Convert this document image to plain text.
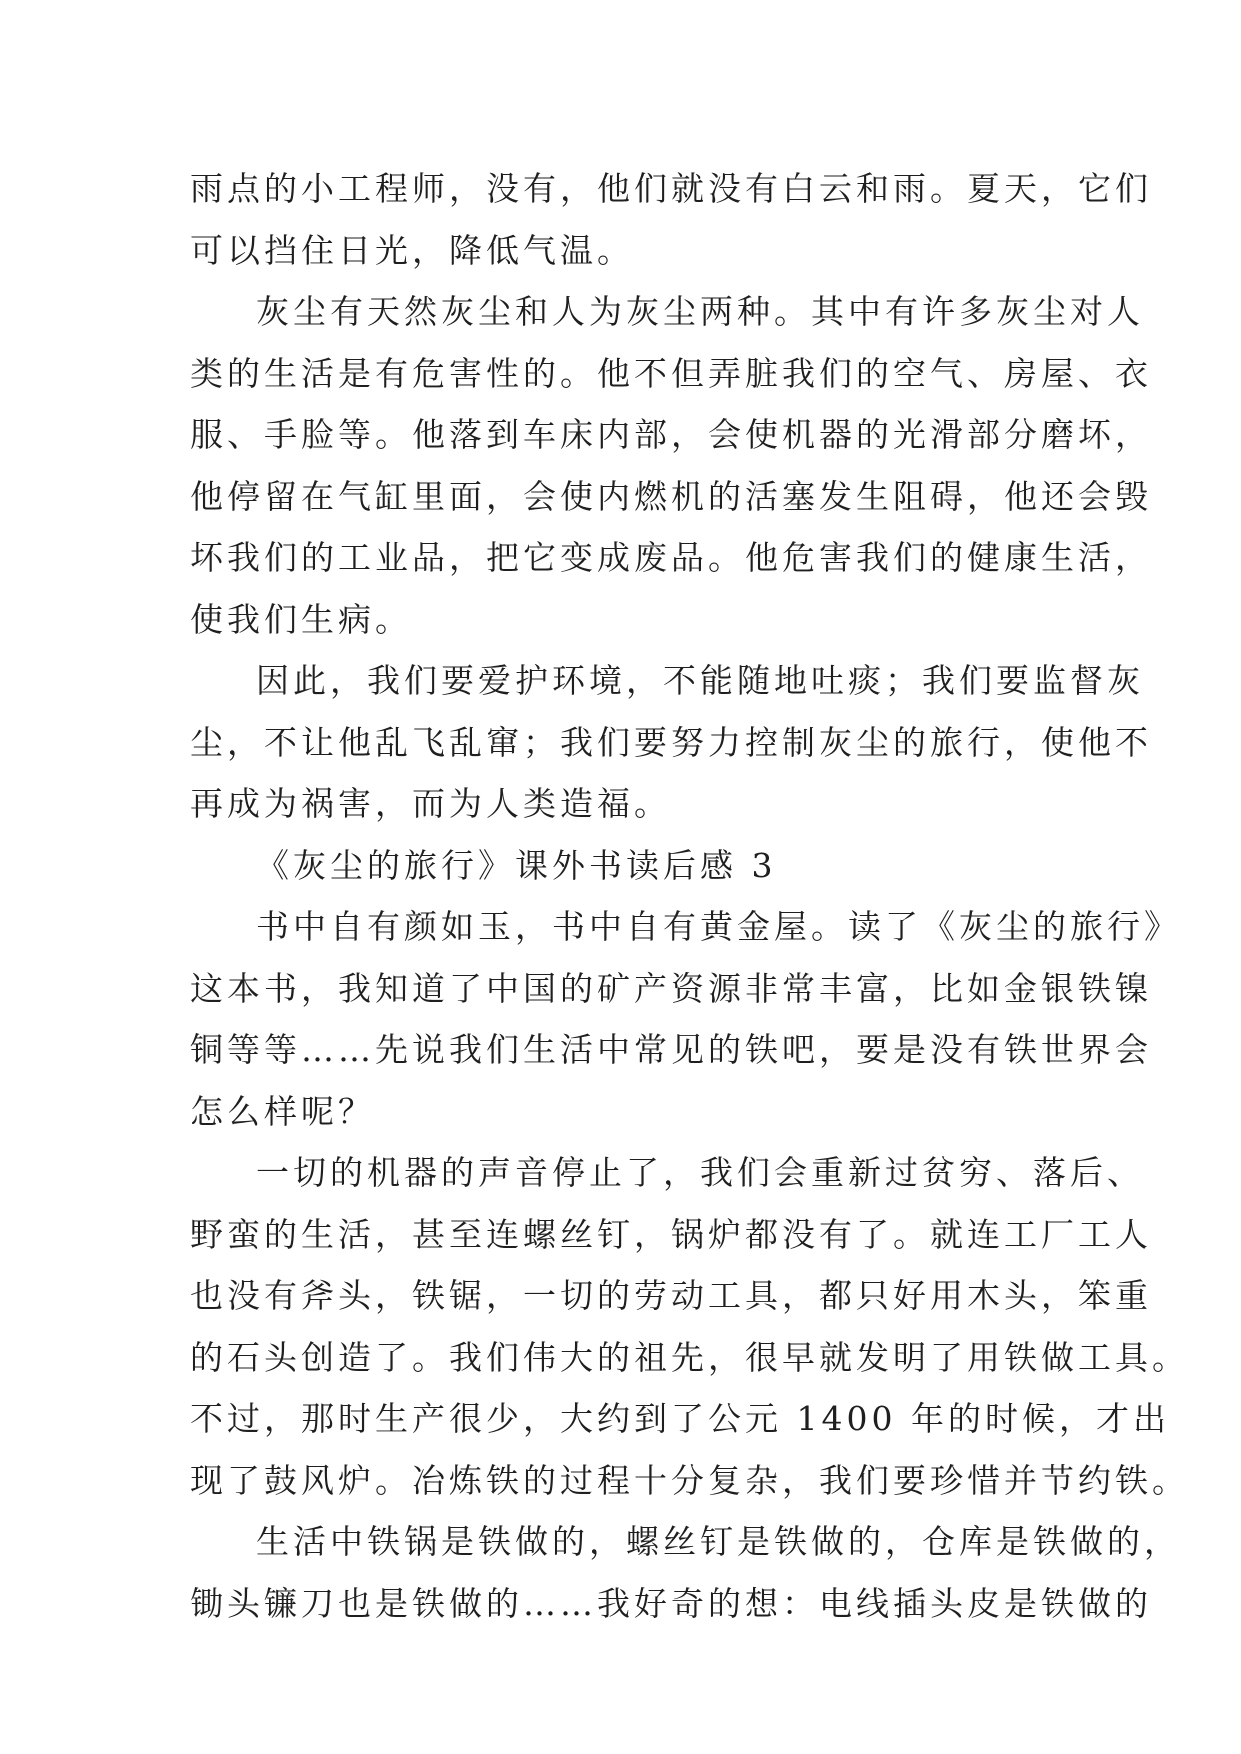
雨点的小工程师，没有，他们就没有白云和雨。夏天，它们
可以挡住日光，降低气温。
灰尘有天然灰尘和人为灰尘两种。其中有许多灰尘对人
类的生活是有危害性的。他不但弄脏我们的空气、房屋、衣
服、手脸等。他落到车床内部，会使机器的光滑部分磨坏，
他停留在气缸里面，会使内燃机的活塞发生阻碍，他还会毁
坏我们的工业品，把它变成废品。他危害我们的健康生活，
使我们生病。
因此，我们要爱护环境，不能随地吐痰；我们要监督灰
尘，不让他乱飞乱窜；我们要努力控制灰尘的旅行，使他不
再成为祸害，而为人类造福。
《灰尘的旅行》课外书读后感 3
书中自有颜如玉，书中自有黄金屋。读了《灰尘的旅行》
这本书，我知道了中国的矿产资源非常丰富，比如金银铁镍
铜等等……先说我们生活中常见的铁吧，要是没有铁世界会
怎么样呢？
一切的机器的声音停止了，我们会重新过贫穷、落后、
野蛮的生活，甚至连螺丝钉，锅炉都没有了。就连工厂工人
也没有斧头，铁锯，一切的劳动工具，都只好用木头，笨重
的石头创造了。我们伟大的祖先，很早就发明了用铁做工具。
不过，那时生产很少，大约到了公元 1400 年的时候，才出
现了鼓风炉。冶炼铁的过程十分复杂，我们要珍惜并节约铁。
生活中铁锅是铁做的，螺丝钉是铁做的，仓库是铁做的，
锄头镰刀也是铁做的……我好奇的想：电线插头皮是铁做的
